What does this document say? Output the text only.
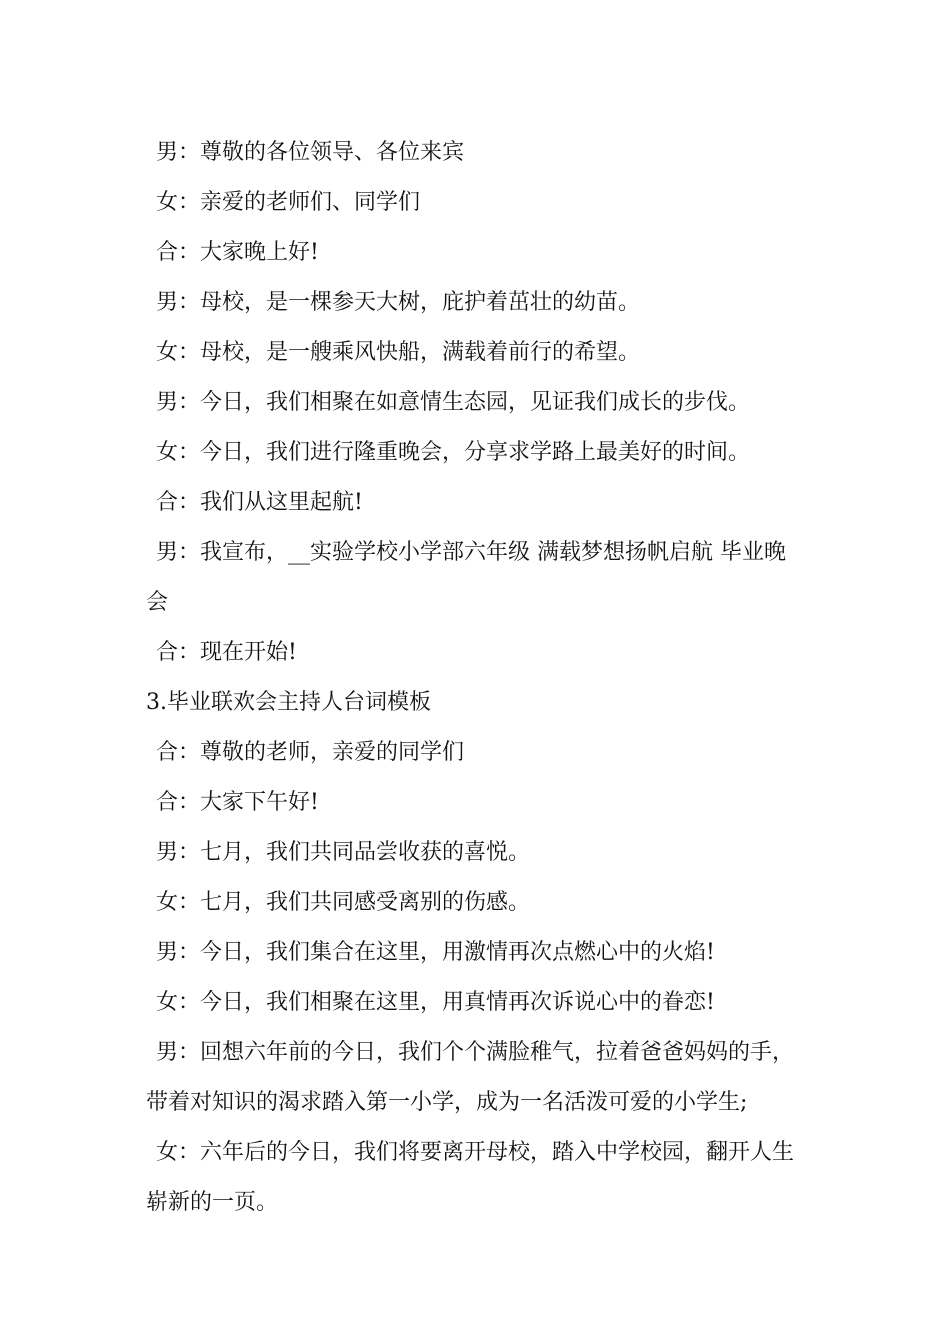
男：尊敬的各位领导、各位来宾
女：亲爱的老师们、同学们
合：大家晚上好!
男：母校，是一棵参天大树，庇护着茁壮的幼苗。
女：母校，是一艘乘风快船，满载着前行的希望。
男：今日，我们相聚在如意情生态园，见证我们成长的步伐。
女：今日，我们进行隆重晚会，分享求学路上最美好的时间。
合：我们从这里起航!
男：我宣布，__实验学校小学部六年级 满载梦想扬帆启航 毕业晚
会
合：现在开始!
3.毕业联欢会主持人台词模板
合：尊敬的老师，亲爱的同学们
合：大家下午好!
男：七月，我们共同品尝收获的喜悦。
女：七月，我们共同感受离别的伤感。
男：今日，我们集合在这里，用激情再次点燃心中的火焰!
女：今日，我们相聚在这里，用真情再次诉说心中的眷恋!
男：回想六年前的今日，我们个个满脸稚气，拉着爸爸妈妈的手，
带着对知识的渴求踏入第一小学，成为一名活泼可爱的小学生;
女：六年后的今日，我们将要离开母校，踏入中学校园，翻开人生
崭新的一页。
